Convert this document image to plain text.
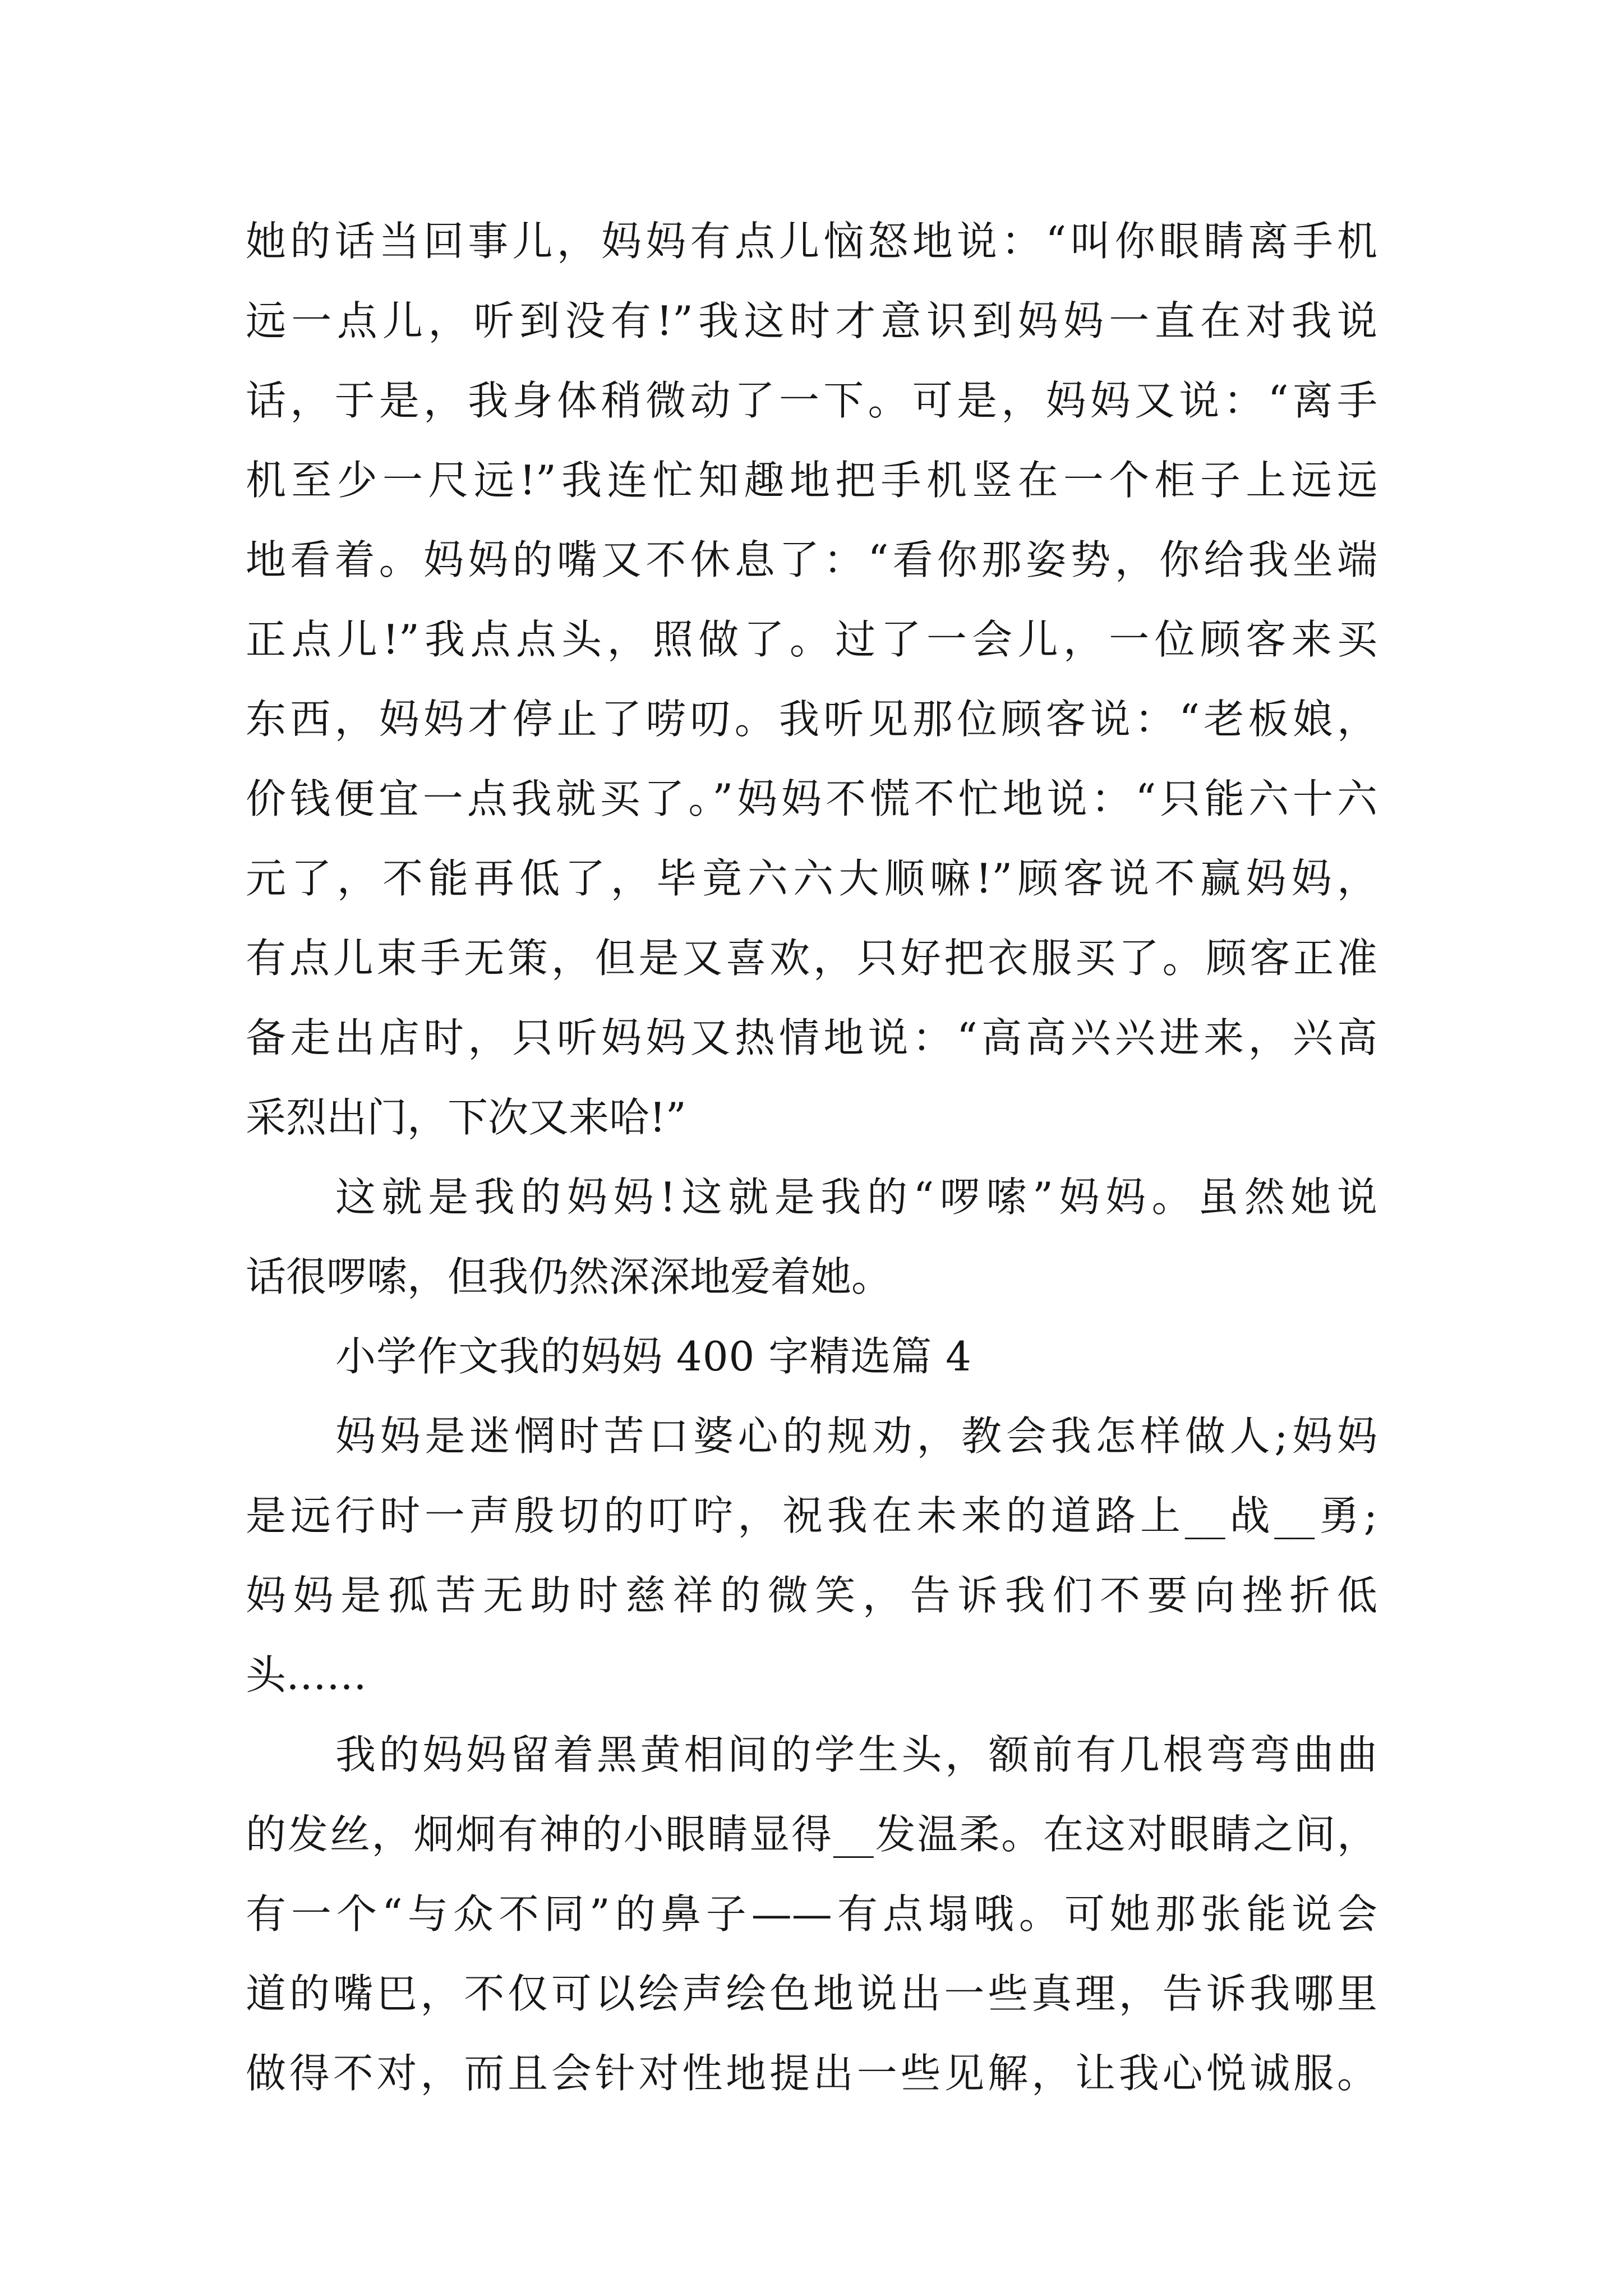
她的话当回事儿，妈妈有点儿恼怒地说：“叫你眼睛离手机
远一点儿，听到没有!”我这时才意识到妈妈一直在对我说
话，于是，我身体稍微动了一下。可是，妈妈又说：“离手
机至少一尺远!”我连忙知趣地把手机竖在一个柜子上远远
地看着。妈妈的嘴又不休息了：“看你那姿势，你给我坐端
正点儿!”我点点头，照做了。过了一会儿，一位顾客来买
东西，妈妈才停止了唠叨。我听见那位顾客说：“老板娘，
价钱便宜一点我就买了。”妈妈不慌不忙地说：“只能六十六
元了，不能再低了，毕竟六六大顺嘛!”顾客说不赢妈妈，
有点儿束手无策，但是又喜欢，只好把衣服买了。顾客正准
备走出店时，只听妈妈又热情地说：“高高兴兴进来，兴高
采烈出门，下次又来哈!”
这就是我的妈妈!这就是我的“啰嗦”妈妈。虽然她说
话很啰嗦，但我仍然深深地爱着她。
小学作文我的妈妈 400 字精选篇 4
妈妈是迷惘时苦口婆心的规劝，教会我怎样做人;妈妈
是远行时一声殷切的叮咛，祝我在未来的道路上__战__勇;
妈妈是孤苦无助时慈祥的微笑，告诉我们不要向挫折低
头……
我的妈妈留着黑黄相间的学生头，额前有几根弯弯曲曲
的发丝，炯炯有神的小眼睛显得__发温柔。在这对眼睛之间，
有一个“与众不同”的鼻子——有点塌哦。可她那张能说会
道的嘴巴，不仅可以绘声绘色地说出一些真理，告诉我哪里
做得不对，而且会针对性地提出一些见解，让我心悦诚服。
